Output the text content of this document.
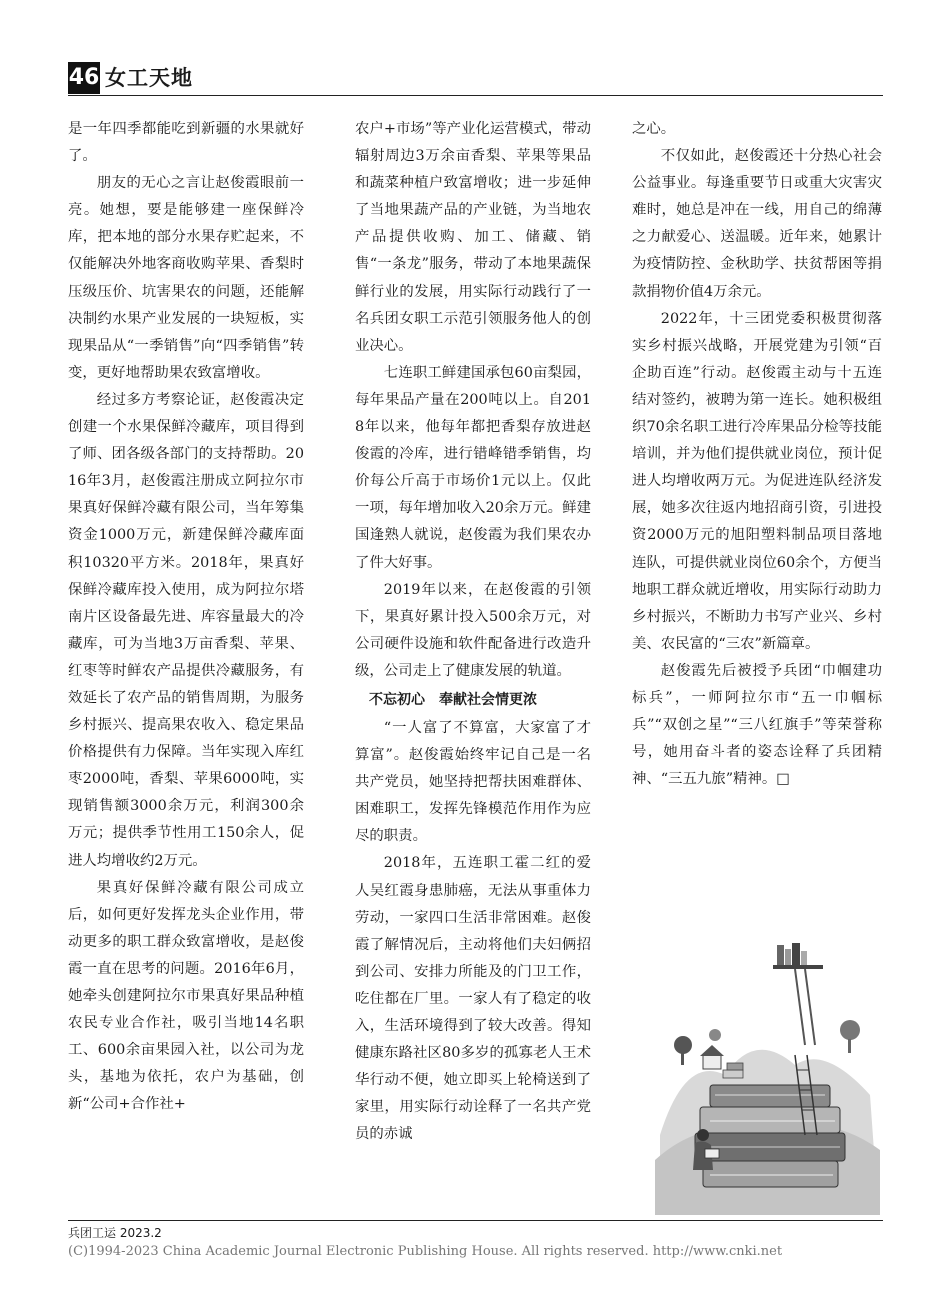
46 女工天地

是一年四季都能吃到新疆的水果就好了。

朋友的无心之言让赵俊霞眼前一亮。她想，要是能够建一座保鲜冷库，把本地的部分水果存贮起来，不仅能解决外地客商收购苹果、香梨时压级压价、坑害果农的问题，还能解决制约水果产业发展的一块短板，实现果品从“一季销售”向“四季销售”转变，更好地帮助果农致富增收。

经过多方考察论证，赵俊霞决定创建一个水果保鲜冷藏库，项目得到了师、团各级各部门的支持帮助。2016年3月，赵俊霞注册成立阿拉尔市果真好保鲜冷藏有限公司，当年筹集资金1000万元，新建保鲜冷藏库面积10320平方米。2018年，果真好保鲜冷藏库投入使用，成为阿拉尔塔南片区设备最先进、库容量最大的冷藏库，可为当地3万亩香梨、苹果、红枣等时鲜农产品提供冷藏服务，有效延长了农产品的销售周期，为服务乡村振兴、提高果农收入、稳定果品价格提供有力保障。当年实现入库红枣2000吨，香梨、苹果6000吨，实现销售额3000余万元，利润300余万元；提供季节性用工150余人，促进人均增收约2万元。

果真好保鲜冷藏有限公司成立后，如何更好发挥龙头企业作用，带动更多的职工群众致富增收，是赵俊霞一直在思考的问题。2016年6月，她牵头创建阿拉尔市果真好果品种植农民专业合作社，吸引当地14名职工、600余亩果园入社，以公司为龙头，基地为依托，农户为基础，创新“公司+合作社+

农户+市场”等产业化运营模式，带动辐射周边3万余亩香梨、苹果等果品和蔬菜种植户致富增收；进一步延伸了当地果蔬产品的产业链，为当地农产品提供收购、加工、储藏、销售“一条龙”服务，带动了本地果蔬保鲜行业的发展，用实际行动践行了一名兵团女职工示范引领服务他人的创业决心。

七连职工鲜建国承包60亩梨园，每年果品产量在200吨以上。自2018年以来，他每年都把香梨存放进赵俊霞的冷库，进行错峰错季销售，均价每公斤高于市场价1元以上。仅此一项，每年增加收入20余万元。鲜建国逢熟人就说，赵俊霞为我们果农办了件大好事。

2019年以来，在赵俊霞的引领下，果真好累计投入500余万元，对公司硬件设施和软件配备进行改造升级，公司走上了健康发展的轨道。

不忘初心　奉献社会情更浓

“一人富了不算富，大家富了才算富”。赵俊霞始终牢记自己是一名共产党员，她坚持把帮扶困难群体、困难职工，发挥先锋模范作用作为应尽的职责。

2018年，五连职工霍二红的爱人吴红霞身患肺癌，无法从事重体力劳动，一家四口生活非常困难。赵俊霞了解情况后，主动将他们夫妇俩招到公司、安排力所能及的门卫工作，吃住都在厂里。一家人有了稳定的收入，生活环境得到了较大改善。得知健康东路社区80多岁的孤寡老人王术华行动不便，她立即买上轮椅送到了家里，用实际行动诠释了一名共产党员的赤诚

之心。

不仅如此，赵俊霞还十分热心社会公益事业。每逢重要节日或重大灾害灾难时，她总是冲在一线，用自己的绵薄之力献爱心、送温暖。近年来，她累计为疫情防控、金秋助学、扶贫帮困等捐款捐物价值4万余元。

2022年，十三团党委积极贯彻落实乡村振兴战略，开展党建为引领“百企助百连”行动。赵俊霞主动与十五连结对签约，被聘为第一连长。她积极组织70余名职工进行冷库果品分检等技能培训，并为他们提供就业岗位，预计促进人均增收两万元。为促进连队经济发展，她多次往返内地招商引资，引进投资2000万元的旭阳塑料制品项目落地连队，可提供就业岗位60余个，方便当地职工群众就近增收，用实际行动助力乡村振兴，不断助力书写产业兴、乡村美、农民富的“三农”新篇章。

赵俊霞先后被授予兵团“巾帼建功标兵”，一师阿拉尔市“五一巾帼标兵”“双创之星”“三八红旗手”等荣誉称号，她用奋斗者的姿态诠释了兵团精神、“三五九旅”精神。□

兵团工运 2023.2
(C)1994-2023 China Academic Journal Electronic Publishing House. All rights reserved. http://www.cnki.net
